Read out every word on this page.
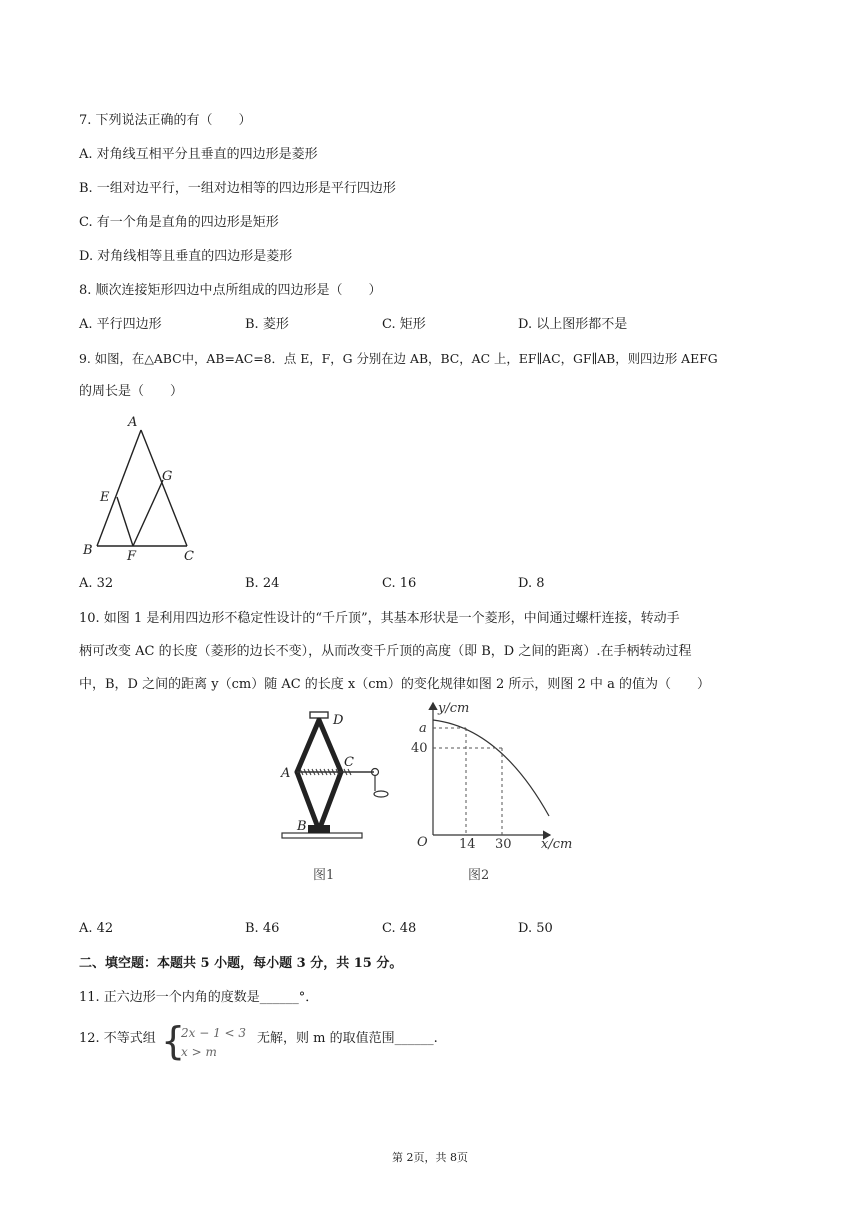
7. 下列说法正确的有（　　）
A. 对角线互相平分且垂直的四边形是菱形
B. 一组对边平行，一组对边相等的四边形是平行四边形
C. 有一个角是直角的四边形是矩形
D. 对角线相等且垂直的四边形是菱形
8. 顺次连接矩形四边中点所组成的四边形是（　　）
A. 平行四边形	B. 菱形	C. 矩形	D. 以上图形都不是
9. 如图，在△ABC中，AB=AC=8．点 E，F，G 分别在边 AB，BC，AC 上，EF∥AC，GF∥AB，则四边形 AEFG
的周长是（　　）
A
G
E
B	F	C
A. 32	B. 24	C. 16	D. 8
10. 如图 1 是利用四边形不稳定性设计的“千斤顶”，其基本形状是一个菱形，中间通过螺杆连接，转动手
柄可改变 AC 的长度（菱形的边长不变），从而改变千斤顶的高度（即 B，D 之间的距离）.在手柄转动过程
中，B，D 之间的距离 y（cm）随 AC 的长度 x（cm）的变化规律如图 2 所示，则图 2 中 a 的值为（　　）
D
A
C
B
图1
y/cm
a
40
O 14 30 x/cm
图2
A. 42	B. 46	C. 48	D. 50
二、填空题：本题共 5 小题，每小题 3 分，共 15 分。
11. 正六边形一个内角的度数是______°．
12. 不等式组 {
2x − 1 < 3
x > m
无解，则 m 的取值范围______.
第 2页，共 8页
